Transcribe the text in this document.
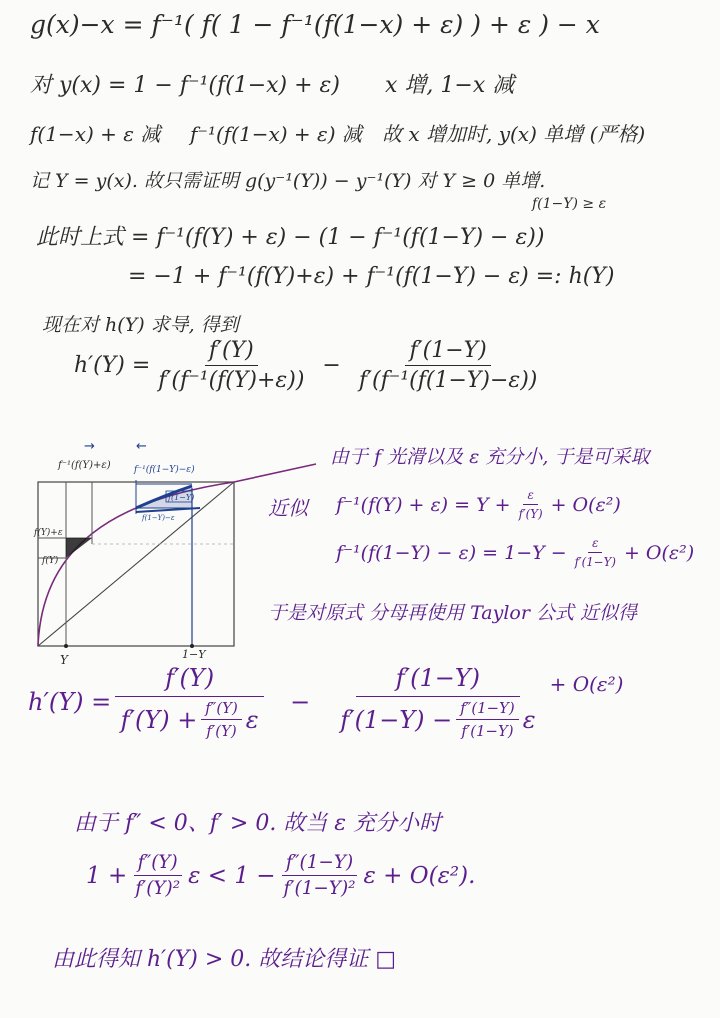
g(x)−x = f⁻¹( f( 1 − f⁻¹(f(1−x) + ε) ) + ε ) − x
对 y(x) = 1 − f⁻¹(f(1−x) + ε) x 增, 1−x 减
f(1−x) + ε 减 f⁻¹(f(1−x) + ε) 减 故 x 增加时, y(x) 单增 (严格)
记 Y = y(x). 故只需证明 g(y⁻¹(Y)) − y⁻¹(Y) 对 Y ≥ 0 单增.
f(1−Y) ≥ ε
此时上式 = f⁻¹(f(Y) + ε) − (1 − f⁻¹(f(1−Y) − ε))
= −1 + f⁻¹(f(Y)+ε) + f⁻¹(f(1−Y) − ε) =: h(Y)
现在对 h(Y) 求导, 得到
$h'(Y) = \frac{f'(Y)}{\text{f′(f⁻¹(f(Y)+ε))}} - \frac{f'(1-Y)}{\text{f′(f⁻¹(f(1−Y)−ε))}}$
→	←
f⁻¹(f(Y)+ε)	f⁻¹(f(1−Y)−ε)
f(Y)+ε
f(Y)
f(1−Y)
f(1−Y)−ε
Y	1−Y
由于 f 光滑以及 ε 充分小, 于是可采取
近似 $f^{-1}(f(Y) + \varepsilon) = Y + \frac{\varepsilon}{f'(Y)} + O(\varepsilon^2)$
$f^{-1}(f(1-Y) - \varepsilon) = 1-Y - \frac{\varepsilon}{f'(1-Y)} + O(\varepsilon^2)$
于是对原式 分母再使用 Taylor 公式 近似得
h′(Y) =
f′(Y)
$f'(Y) + \frac{f''(Y)}{f'(Y)}$ ε
−
f′(1−Y)
$f'(1-Y) - \frac{f''(1-Y)}{f'(1-Y)}$ ε
+ O(ε²)
由于 f″ < 0、f′ > 0. 故当 ε 充分小时
$1 + \frac{f''(Y)}{\text{f′(Y)²}}$ $\varepsilon < 1 - \frac{f''(1-Y)}{\text{f′(1−Y)²}}$ ε + O(ε²).
由此得知 h′(Y) > 0. 故结论得证 □
